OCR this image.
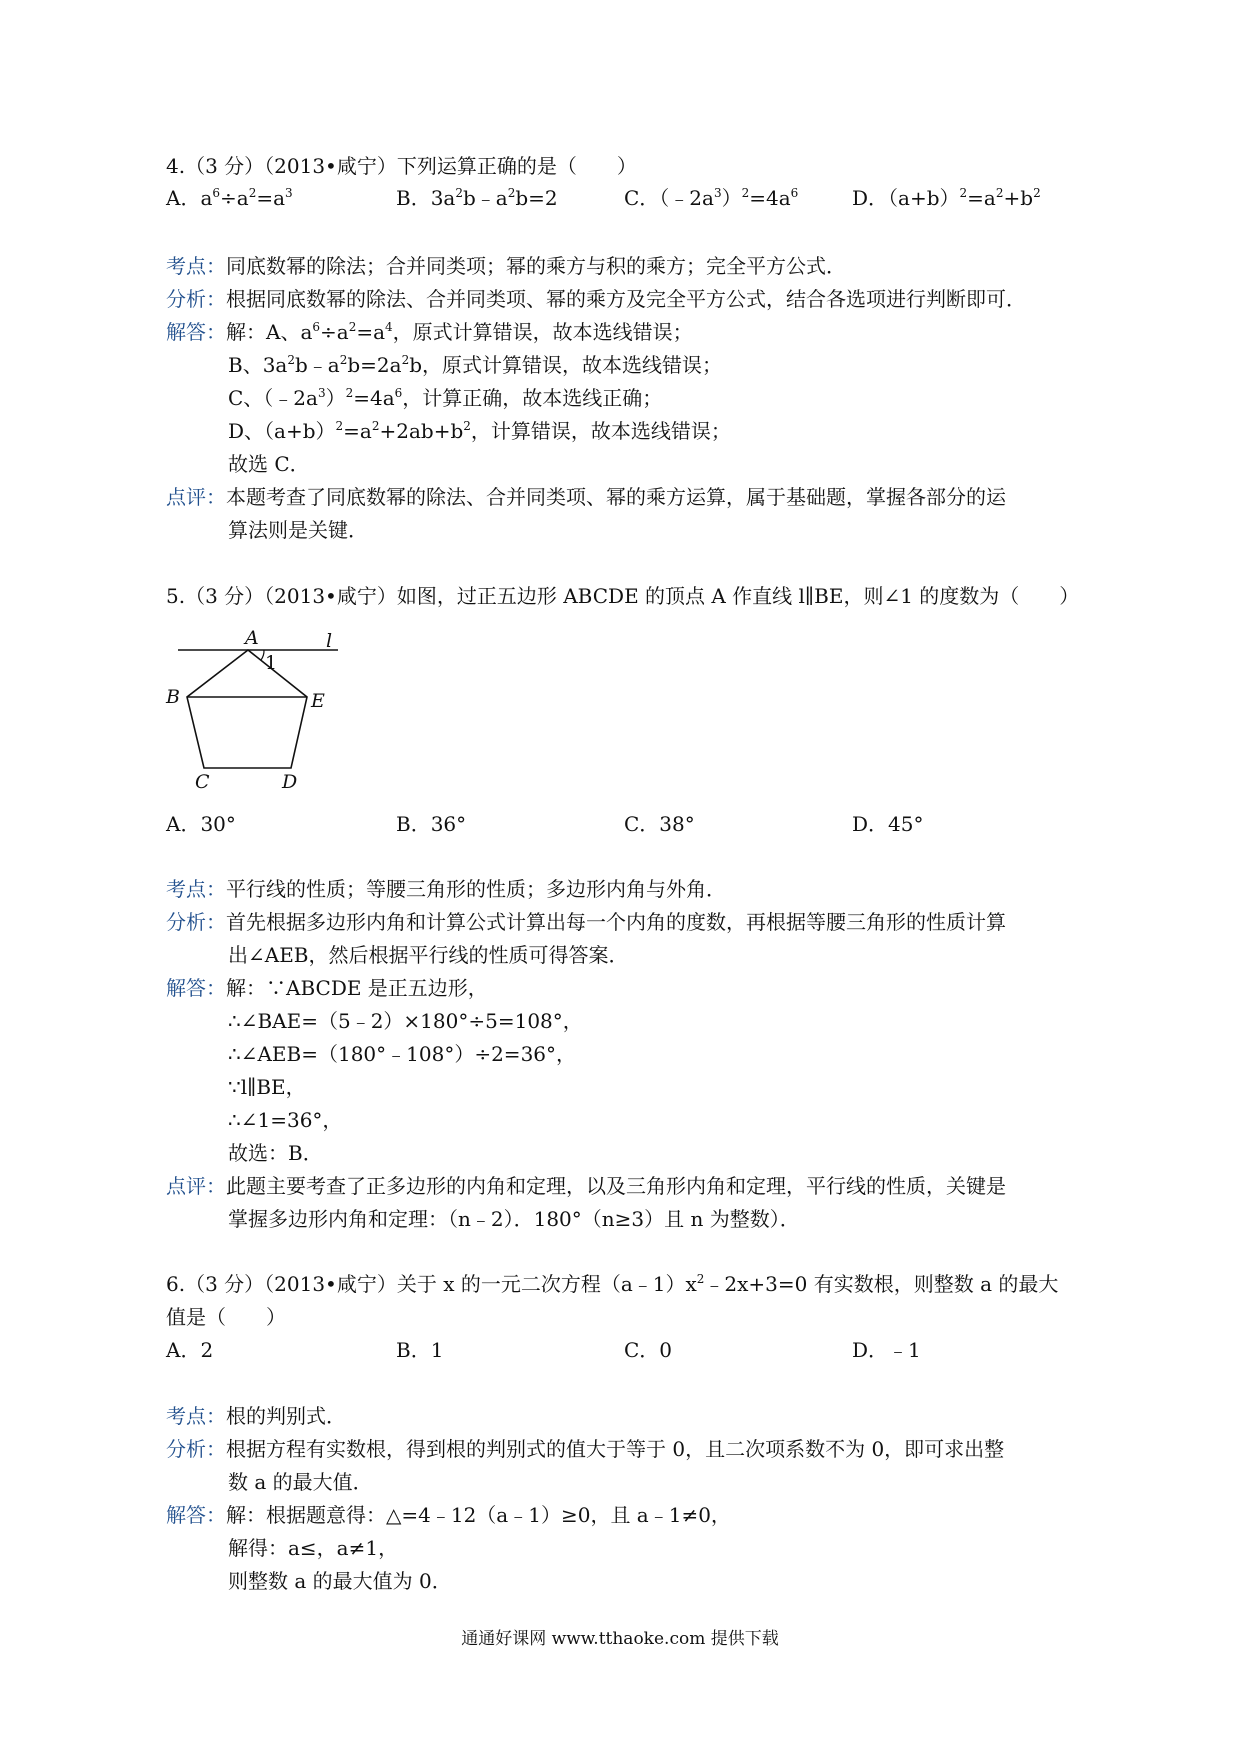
4.（3 分）（2013•咸宁）下列运算正确的是（　　）
A．$a^6\div a^2=a^3$	B．$3a^2b﹣a^2b=2$	C．$(﹣2a^3)^2=4a^6$	D．$(a+b)^2=a^2+b^2$
考点：同底数幂的除法；合并同类项；幂的乘方与积的乘方；完全平方公式．
分析：根据同底数幂的除法、合并同类项、幂的乘方及完全平方公式，结合各选项进行判断即可．
解答：解：A、$a^6\div a^2=a^4$，原式计算错误，故本选线错误；
B、$3a^2b﹣a^2b=2a^2b$，原式计算错误，故本选线错误；
C、$(﹣2a^3)^2=4a^6$，计算正确，故本选线正确；
D、$(a+b)^2=a^2+2ab+b^2$，计算错误，故本选线错误；
故选 C．
点评：本题考查了同底数幂的除法、合并同类项、幂的乘方运算，属于基础题，掌握各部分的运
算法则是关键．
5.（3 分）（2013•咸宁）如图，过正五边形 ABCDE 的顶点 A 作直线 l∥BE，则∠1 的度数为（　　）
A	l
1
B	E
C	D
A．30°	B．36°	C．38°	D．45°
考点：平行线的性质；等腰三角形的性质；多边形内角与外角．
分析：首先根据多边形内角和计算公式计算出每一个内角的度数，再根据等腰三角形的性质计算
出∠AEB，然后根据平行线的性质可得答案．
解答：解：∵ABCDE 是正五边形，
∴∠BAE=（5﹣2）×180°÷5=108°，
∴∠AEB=（180°﹣108°）÷2=36°，
∵l∥BE，
∴∠1=36°，
故选：B．
点评：此题主要考查了正多边形的内角和定理，以及三角形内角和定理，平行线的性质，关键是
掌握多边形内角和定理：（n﹣2）．180°（n≥3）且 n 为整数）．
6.（3 分）（2013•咸宁）关于 x 的一元二次方程$(a﹣1)x^2﹣2x+3=0$ 有实数根，则整数 a 的最大
值是（　　）
A．2	B．1	C．0	D．﹣1
考点：根的判别式．
分析：根据方程有实数根，得到根的判别式的值大于等于 0，且二次项系数不为 0，即可求出整
数 a 的最大值．
解答：解：根据题意得：△=4﹣12（a﹣1）≥0，且 a﹣1≠0，
解得：a≤，a≠1，
则整数 a 的最大值为 0．
通通好课网 www.tthaoke.com 提供下载
